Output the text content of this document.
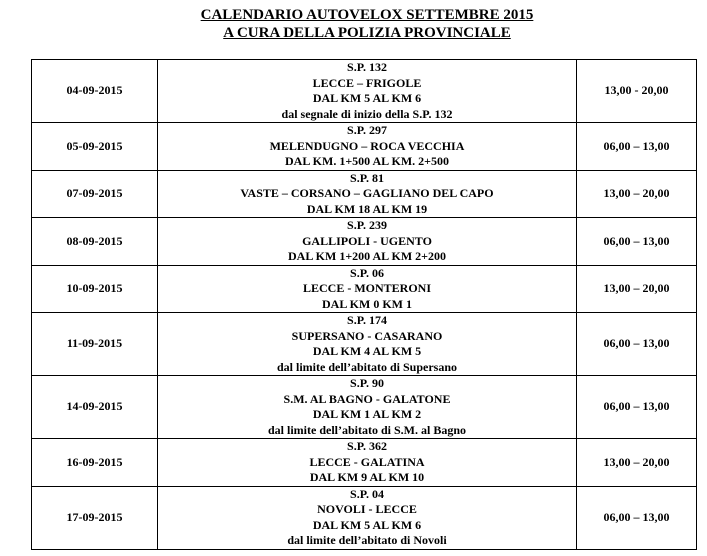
CALENDARIO AUTOVELOX SETTEMBRE 2015
A CURA DELLA POLIZIA PROVINCIALE
04-09-2015	S.P. 132
LECCE – FRIGOLE
DAL KM 5 AL KM 6
dal segnale di inizio della S.P. 132	13,00 - 20,00
05-09-2015	S.P. 297
MELENDUGNO – ROCA VECCHIA
DAL KM. 1+500 AL KM. 2+500	06,00 – 13,00
07-09-2015	S.P. 81
VASTE – CORSANO – GAGLIANO DEL CAPO
DAL KM 18 AL KM 19	13,00 – 20,00
08-09-2015	S.P. 239
GALLIPOLI - UGENTO
DAL KM 1+200 AL KM 2+200	06,00 – 13,00
10-09-2015	S.P. 06
LECCE - MONTERONI
DAL KM 0 KM 1	13,00 – 20,00
11-09-2015	S.P. 174
SUPERSANO - CASARANO
DAL KM 4 AL KM 5
dal limite dell’abitato di Supersano	06,00 – 13,00
14-09-2015	S.P. 90
S.M. AL BAGNO - GALATONE
DAL KM 1 AL KM 2
dal limite dell’abitato di S.M. al Bagno	06,00 – 13,00
16-09-2015	S.P. 362
LECCE - GALATINA
DAL KM 9 AL KM 10	13,00 – 20,00
17-09-2015	S.P. 04
NOVOLI - LECCE
DAL KM 5 AL KM 6
dal limite dell’abitato di Novoli	06,00 – 13,00
